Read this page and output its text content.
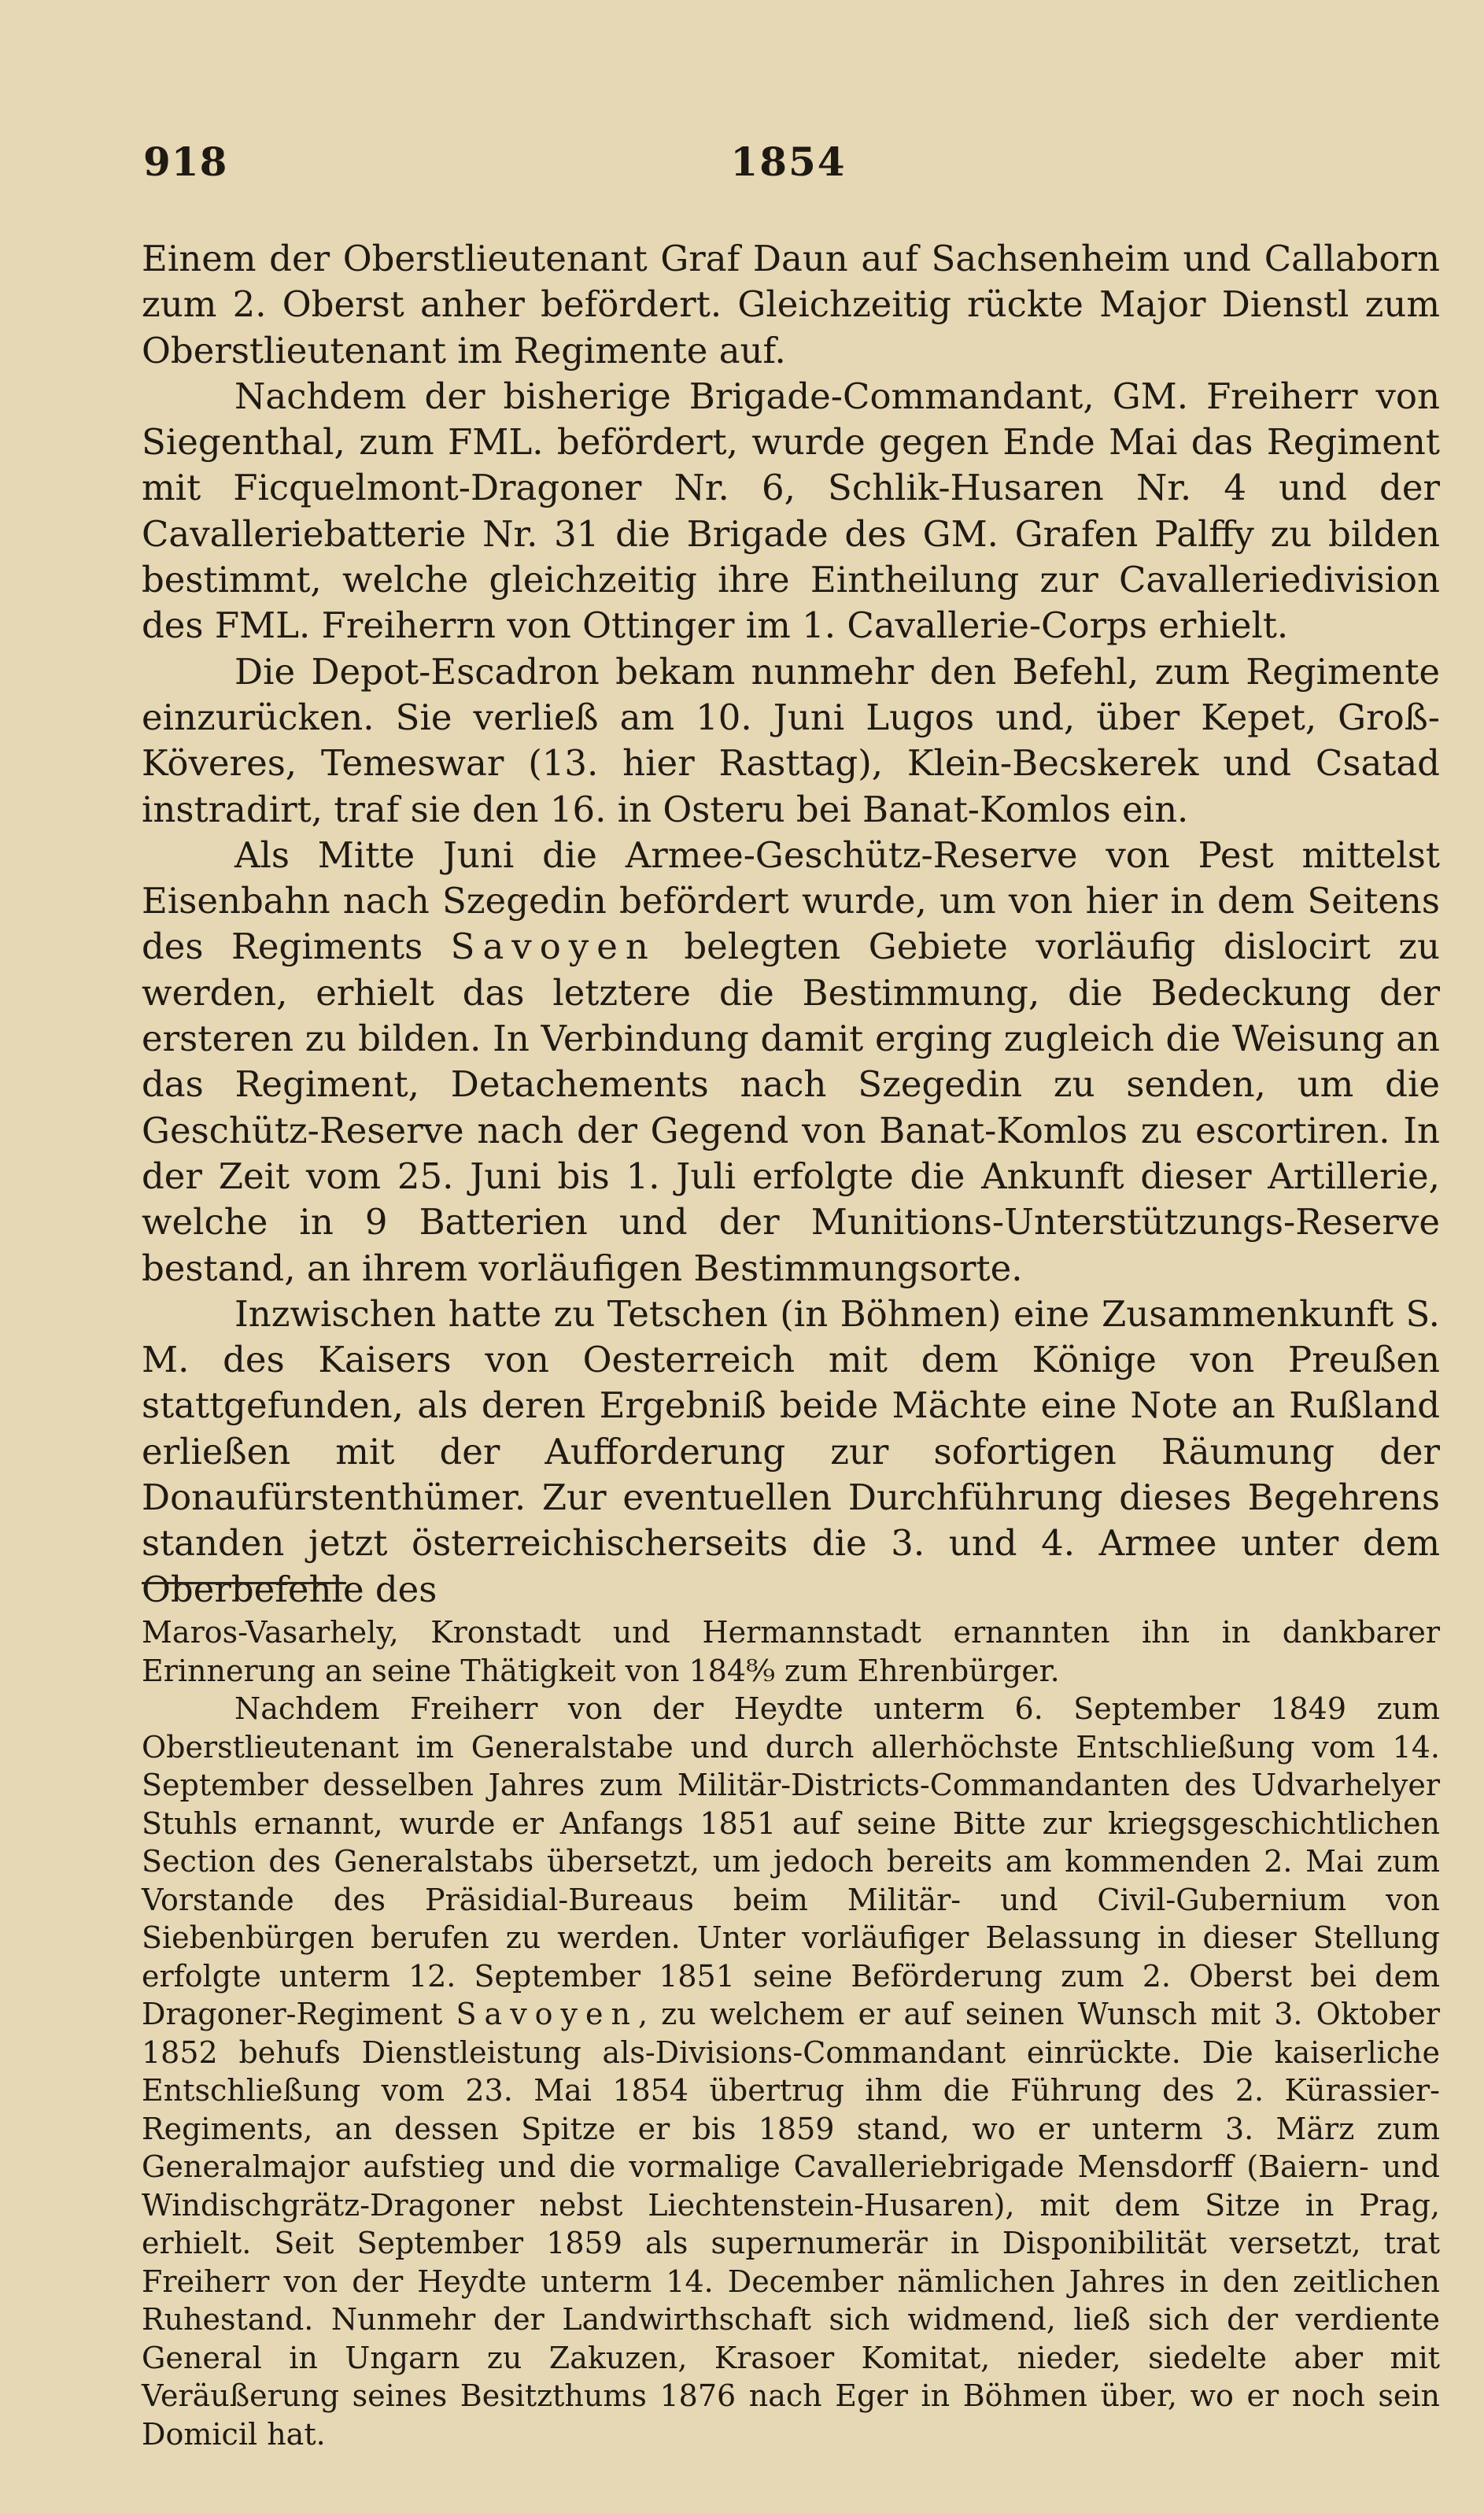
918	1854

Einem der Oberstlieutenant Graf Daun auf Sachsenheim und Callaborn zum 2. Oberst anher befördert. Gleichzeitig rückte Major Dienstl zum Oberstlieutenant im Regimente auf.

Nachdem der bisherige Brigade-Commandant, GM. Freiherr von Siegenthal, zum FML. befördert, wurde gegen Ende Mai das Regiment mit Ficquelmont-Dragoner Nr. 6, Schlik-Husaren Nr. 4 und der Cavalleriebatterie Nr. 31 die Brigade des GM. Grafen Palffy zu bilden bestimmt, welche gleichzeitig ihre Eintheilung zur Cavalleriedivision des FML. Freiherrn von Ottinger im 1. Cavallerie-Corps erhielt.

Die Depot-Escadron bekam nunmehr den Befehl, zum Regimente einzurücken. Sie verließ am 10. Juni Lugos und, über Kepet, Groß-Köveres, Temeswar (13. hier Rasttag), Klein-Becskerek und Csatad instradirt, traf sie den 16. in Osteru bei Banat-Komlos ein.

Als Mitte Juni die Armee-Geschütz-Reserve von Pest mittelst Eisenbahn nach Szegedin befördert wurde, um von hier in dem Seitens des Regiments Savoyen belegten Gebiete vorläufig dislocirt zu werden, erhielt das letztere die Bestimmung, die Bedeckung der ersteren zu bilden. In Verbindung damit erging zugleich die Weisung an das Regiment, Detachements nach Szegedin zu senden, um die Geschütz-Reserve nach der Gegend von Banat-Komlos zu escortiren. In der Zeit vom 25. Juni bis 1. Juli erfolgte die Ankunft dieser Artillerie, welche in 9 Batterien und der Munitions-Unterstützungs-Reserve bestand, an ihrem vorläufigen Bestimmungsorte.

Inzwischen hatte zu Tetschen (in Böhmen) eine Zusammenkunft S. M. des Kaisers von Oesterreich mit dem Könige von Preußen stattgefunden, als deren Ergebniß beide Mächte eine Note an Rußland erließen mit der Aufforderung zur sofortigen Räumung der Donaufürstenthümer. Zur eventuellen Durchführung dieses Begehrens standen jetzt österreichischerseits die 3. und 4. Armee unter dem Oberbefehle des

Maros-Vasarhely, Kronstadt und Hermannstadt ernannten ihn in dankbarer Erinnerung an seine Thätigkeit von 184⁸⁄₉ zum Ehrenbürger.

Nachdem Freiherr von der Heydte unterm 6. September 1849 zum Oberstlieutenant im Generalstabe und durch allerhöchste Entschließung vom 14. September desselben Jahres zum Militär-Districts-Commandanten des Udvarhelyer Stuhls ernannt, wurde er Anfangs 1851 auf seine Bitte zur kriegsgeschichtlichen Section des Generalstabs übersetzt, um jedoch bereits am kommenden 2. Mai zum Vorstande des Präsidial-Bureaus beim Militär- und Civil-Gubernium von Siebenbürgen berufen zu werden. Unter vorläufiger Belassung in dieser Stellung erfolgte unterm 12. September 1851 seine Beförderung zum 2. Oberst bei dem Dragoner-Regiment Savoyen, zu welchem er auf seinen Wunsch mit 3. Oktober 1852 behufs Dienstleistung als-Divisions-Commandant einrückte. Die kaiserliche Entschließung vom 23. Mai 1854 übertrug ihm die Führung des 2. Kürassier-Regiments, an dessen Spitze er bis 1859 stand, wo er unterm 3. März zum Generalmajor aufstieg und die vormalige Cavalleriebrigade Mensdorff (Baiern- und Windischgrätz-Dragoner nebst Liechtenstein-Husaren), mit dem Sitze in Prag, erhielt. Seit September 1859 als supernumerär in Disponibilität versetzt, trat Freiherr von der Heydte unterm 14. December nämlichen Jahres in den zeitlichen Ruhestand. Nunmehr der Landwirthschaft sich widmend, ließ sich der verdiente General in Ungarn zu Zakuzen, Krasoer Komitat, nieder, siedelte aber mit Veräußerung seines Besitzthums 1876 nach Eger in Böhmen über, wo er noch sein Domicil hat.
